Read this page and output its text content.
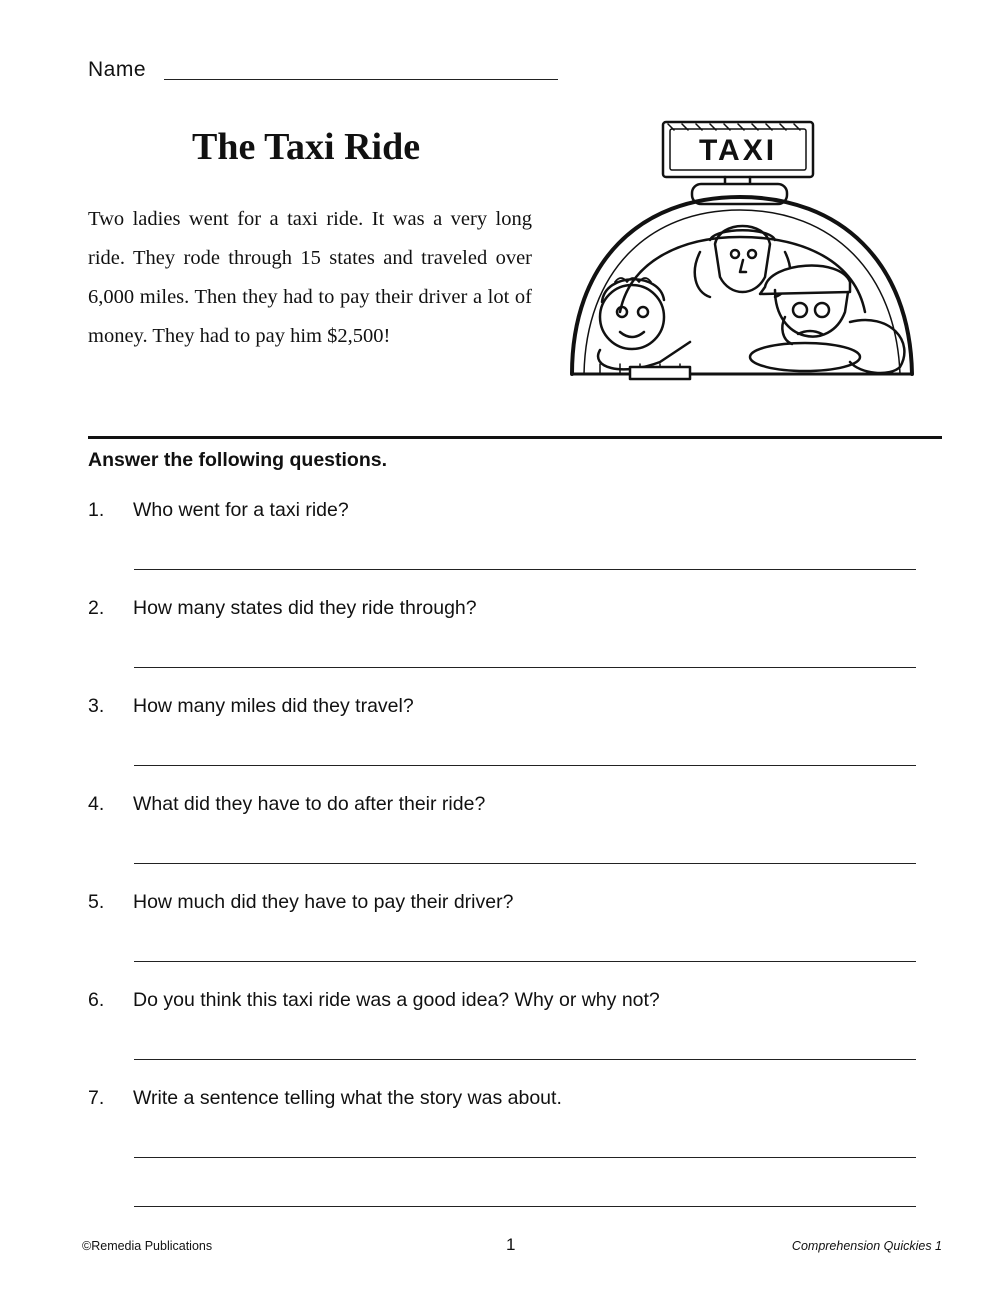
Name
The Taxi Ride
Two ladies went for a taxi ride. It was a very long ride. They rode through 15 states and traveled over 6,000 miles. Then they had to pay their driver a lot of money. They had to pay him $2,500!
TAXI
Answer the following questions.
1. Who went for a taxi ride?
2. How many states did they ride through?
3. How many miles did they travel?
4. What did they have to do after their ride?
5. How much did they have to pay their driver?
6. Do you think this taxi ride was a good idea? Why or why not?
7. Write a sentence telling what the story was about.
©Remedia Publications	1	Comprehension Quickies 1
